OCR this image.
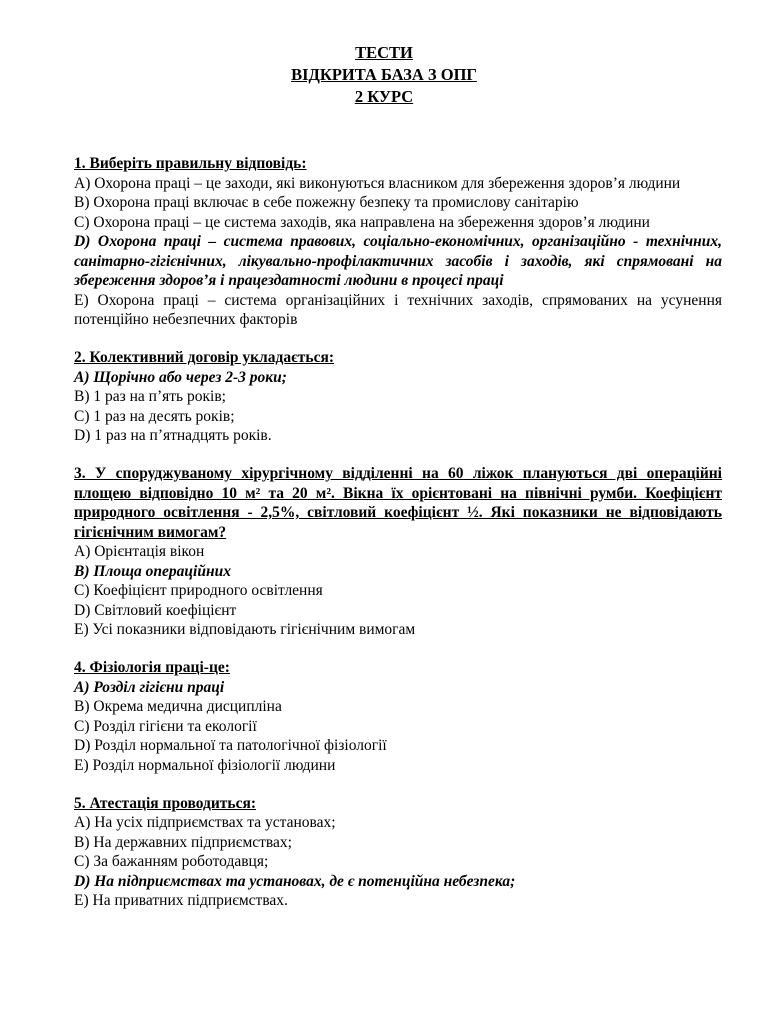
ТЕСТИ
ВІДКРИТА БАЗА З ОПГ
2 КУРС
1. Виберіть правильну відповідь:
А) Охорона праці – це заходи, які виконуються власником для збереження здоров’я людини
В) Охорона праці включає в себе пожежну безпеку та промислову санітарію
С) Охорона праці – це система заходів, яка направлена на збереження здоров’я людини
D) Охорона праці – система правових, соціально-економічних, організаційно - технічних, санітарно-гігієнічних, лікувально-профілактичних засобів і заходів, які спрямовані на збереження здоров’я і працездатності людини в процесі праці
Е) Охорона праці – система організаційних і технічних заходів, спрямованих на усунення потенційно небезпечних факторів
2. Колективний договір укладається:
А) Щорічно або через 2-3 роки;
В) 1 раз на п’ять років;
С) 1 раз на десять років;
D) 1 раз на п’ятнадцять років.
3. У споруджуваному хірургічному відділенні на 60 ліжок плануються дві операційні площею відповідно 10 м² та 20 м². Вікна їх орієнтовані на північні румби. Коефіцієнт природного освітлення - 2,5%, світловий коефіцієнт ½. Які показники не відповідають гігієнічним вимогам?
А) Орієнтація вікон
В) Площа операційних
С) Коефіцієнт природного освітлення
D) Світловий коефіцієнт
Е) Усі показники відповідають гігієнічним вимогам
4. Фізіологія праці-це:
А) Розділ гігієни праці
В) Окрема медична дисципліна
С) Розділ гігієни та екології
D) Розділ нормальної та патологічної фізіології
Е) Розділ нормальної фізіології людини
5. Атестація проводиться:
А) На усіх підприємствах та установах;
В) На державних підприємствах;
С) За бажанням роботодавця;
D) На підприємствах та установах, де є потенційна небезпека;
Е) На приватних підприємствах.
